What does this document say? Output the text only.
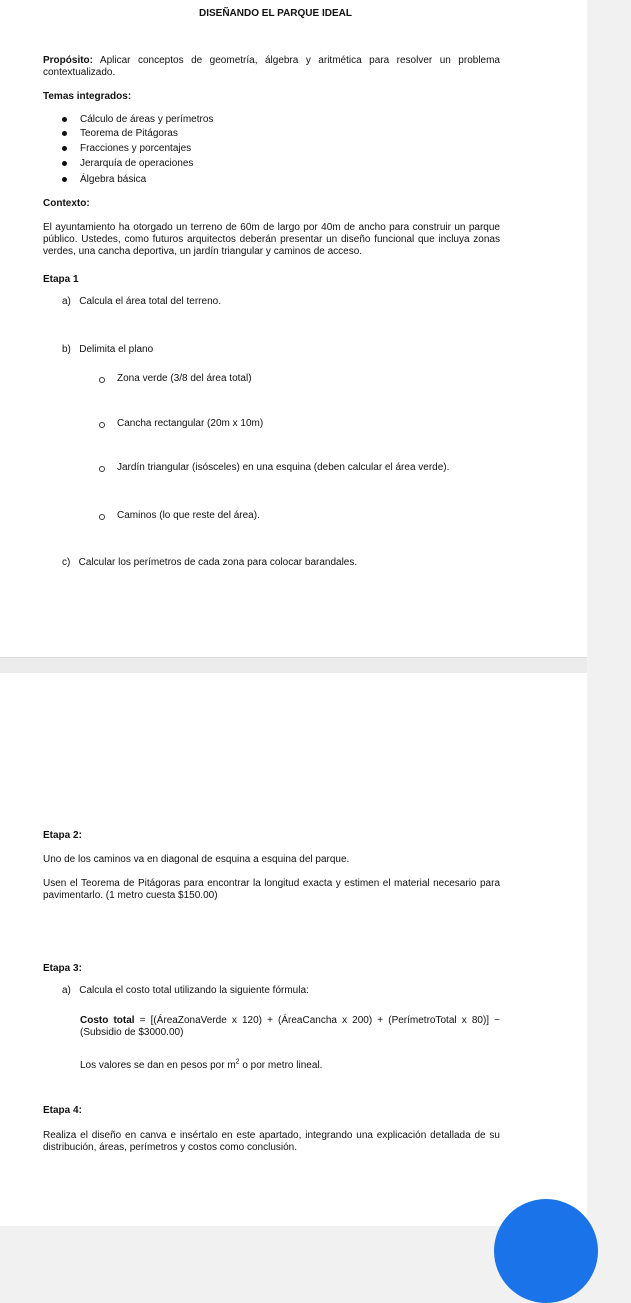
DISEÑANDO EL PARQUE IDEAL
Propósito: Aplicar conceptos de geometría, álgebra y aritmética para resolver un problema contextualizado.
Temas integrados:
Cálculo de áreas y perímetros
Teorema de Pitágoras
Fracciones y porcentajes
Jerarquía de operaciones
Álgebra básica
Contexto:
El ayuntamiento ha otorgado un terreno de 60m de largo por 40m de ancho para construir un parque público. Ustedes, como futuros arquitectos deberán presentar un diseño funcional que incluya zonas verdes, una cancha deportiva, un jardín triangular y caminos de acceso.
Etapa 1
a)   Calcula el área total del terreno.
b)   Delimita el plano
Zona verde (3/8 del área total)
Cancha rectangular (20m x 10m)
Jardín triangular (isósceles) en una esquina (deben calcular el área verde).
Caminos (lo que reste del área).
c)   Calcular los perímetros de cada zona para colocar barandales.
Etapa 2:
Uno de los caminos va en diagonal de esquina a esquina del parque.
Usen el Teorema de Pitágoras para encontrar la longitud exacta y estimen el material necesario para pavimentarlo. (1 metro cuesta $150.00)
Etapa 3:
a)   Calcula el costo total utilizando la siguiente fórmula:
Costo total = [(ÁreaZonaVerde x 120) + (ÁreaCancha x 200) + (PerímetroTotal x 80)] − (Subsidio de $3000.00)
Los valores se dan en pesos por $m^2$ o por metro lineal.
Etapa 4:
Realiza el diseño en canva e insértalo en este apartado, integrando una explicación detallada de su distribución, áreas, perímetros y costos como conclusión.
